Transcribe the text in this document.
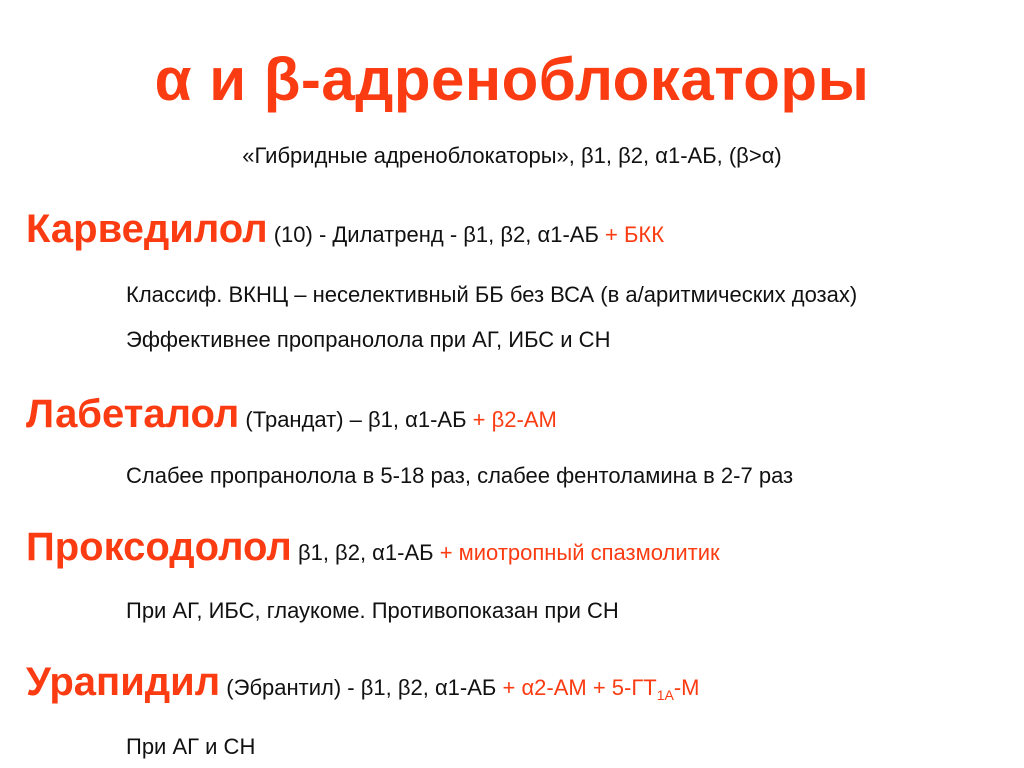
α и β-адреноблокаторы
«Гибридные адреноблокаторы», β1, β2, α1-АБ, (β>α)
Карведилол (10) - Дилатренд - β1, β2, α1-АБ + БКК
Классиф. ВКНЦ – неселективный ББ без ВСА (в а/аритмических дозах)
Эффективнее пропранолола при АГ, ИБС и СН
Лабеталол (Трандат) – β1, α1-АБ + β2-АМ
Слабее пропранолола в 5-18 раз, слабее фентоламина в 2-7 раз
Проксодолол β1, β2, α1-АБ + миотропный спазмолитик
При АГ, ИБС, глаукоме. Противопоказан при СН
Урапидил (Эбрантил) - β1, β2, $\alpha 1-АБ + \alpha 2-АМ + 5-ГТ_{1A}-М$
При АГ и СН
